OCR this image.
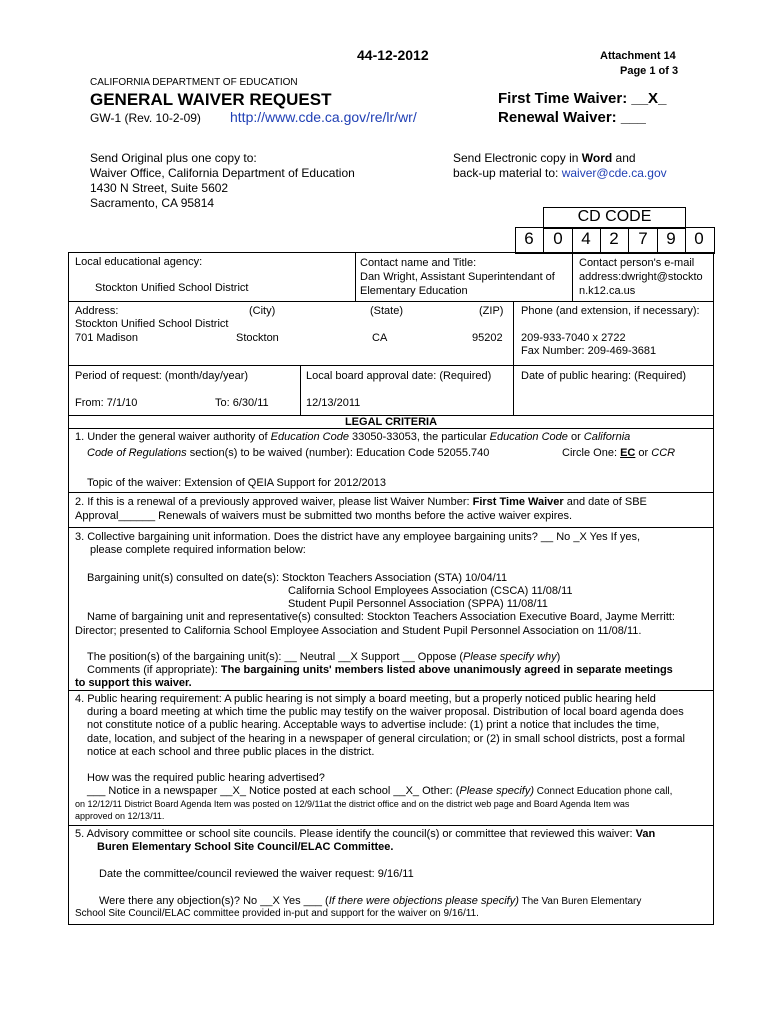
44-12-2012	Attachment 14
Page 1 of 3
CALIFORNIA DEPARTMENT OF EDUCATION
GENERAL WAIVER REQUEST
GW-1 (Rev. 10-2-09) http://www.cde.ca.gov/re/lr/wr/
First Time Waiver: __X_
Renewal Waiver: ___
Send Original plus one copy to:
Waiver Office, California Department of Education
1430 N Street, Suite 5602
Sacramento, CA 95814
Send Electronic copy in Word and
back-up material to: waiver@cde.ca.gov
CD CODE
6	0	4	2	7	9	0
Local educational agency:
Stockton Unified School District
Contact name and Title:
Dan Wright, Assistant Superintendant of
Elementary Education
Contact person's e-mail
address:dwright@stockto
n.k12.ca.us
Address:	(City)	(State)	(ZIP)
Stockton Unified School District
701 Madison	Stockton	CA	95202
Phone (and extension, if necessary):
209-933-7040 x 2722
Fax Number: 209-469-3681
Period of request: (month/day/year)
From: 7/1/10	To: 6/30/11
Local board approval date: (Required)
12/13/2011
Date of public hearing: (Required)
LEGAL CRITERIA
1. Under the general waiver authority of Education Code 33050-33053, the particular Education Code or California
Code of Regulations section(s) to be waived (number): Education Code 52055.740	Circle One: EC or CCR
Topic of the waiver: Extension of QEIA Support for 2012/2013
2. If this is a renewal of a previously approved waiver, please list Waiver Number: First Time Waiver and date of SBE
Approval______ Renewals of waivers must be submitted two months before the active waiver expires.
3. Collective bargaining unit information. Does the district have any employee bargaining units? __ No _X Yes If yes,
please complete required information below:
Bargaining unit(s) consulted on date(s): Stockton Teachers Association (STA) 10/04/11
California School Employees Association (CSCA) 11/08/11
Student Pupil Personnel Association (SPPA) 11/08/11
Name of bargaining unit and representative(s) consulted: Stockton Teachers Association Executive Board, Jayme Merritt:
Director; presented to California School Employee Association and Student Pupil Personnel Association on 11/08/11.
The position(s) of the bargaining unit(s): __ Neutral __X Support __ Oppose (Please specify why)
Comments (if appropriate): The bargaining units' members listed above unanimously agreed in separate meetings
to support this waiver.
4. Public hearing requirement: A public hearing is not simply a board meeting, but a properly noticed public hearing held
during a board meeting at which time the public may testify on the waiver proposal. Distribution of local board agenda does
not constitute notice of a public hearing. Acceptable ways to advertise include: (1) print a notice that includes the time,
date, location, and subject of the hearing in a newspaper of general circulation; or (2) in small school districts, post a formal
notice at each school and three public places in the district.
How was the required public hearing advertised?
___ Notice in a newspaper __X_ Notice posted at each school __X_ Other: (Please specify) Connect Education phone call,
on 12/12/11 District Board Agenda Item was posted on 12/9/11at the district office and on the district web page and Board Agenda Item was
approved on 12/13/11.
5. Advisory committee or school site councils. Please identify the council(s) or committee that reviewed this waiver: Van
Buren Elementary School Site Council/ELAC Committee.
Date the committee/council reviewed the waiver request: 9/16/11
Were there any objection(s)? No __X Yes ___ (If there were objections please specify) The Van Buren Elementary
School Site Council/ELAC committee provided in-put and support for the waiver on 9/16/11.
